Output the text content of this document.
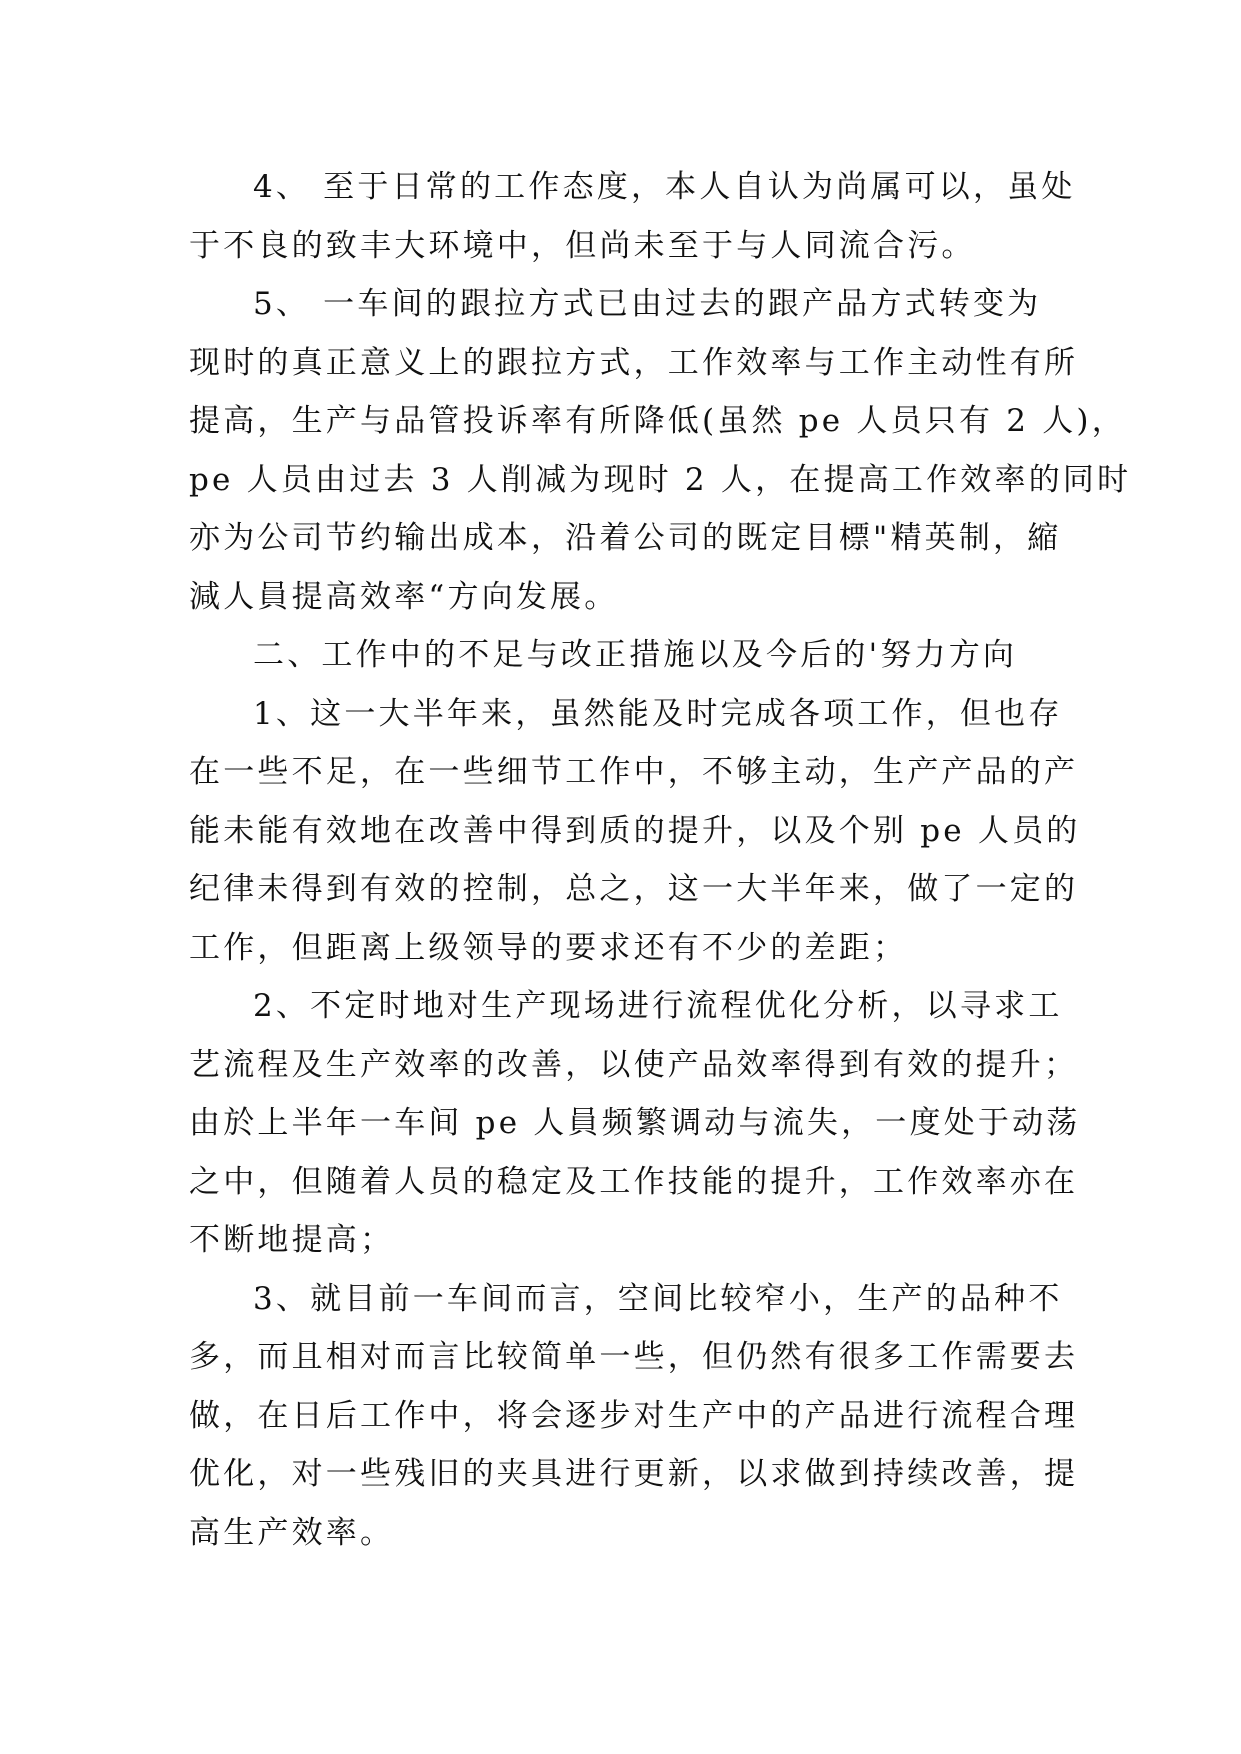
4、 至于日常的工作态度，本人自认为尚属可以，虽处
于不良的致丰大环境中，但尚未至于与人同流合污。
5、 一车间的跟拉方式已由过去的跟产品方式转变为
现时的真正意义上的跟拉方式，工作效率与工作主动性有所
提高，生产与品管投诉率有所降低(虽然 pe 人员只有 2 人)，
pe 人员由过去 3 人削减为现时 2 人，在提高工作效率的同时
亦为公司节约输出成本，沿着公司的既定目標"精英制，縮
減人員提高效率“方向发展。
二、工作中的不足与改正措施以及今后的'努力方向
1、这一大半年来，虽然能及时完成各项工作，但也存
在一些不足，在一些细节工作中，不够主动，生产产品的产
能未能有效地在改善中得到质的提升，以及个别 pe 人员的
纪律未得到有效的控制，总之，这一大半年来，做了一定的
工作，但距离上级领导的要求还有不少的差距；
2、不定时地对生产现场进行流程优化分析，以寻求工
艺流程及生产效率的改善，以使产品效率得到有效的提升；
由於上半年一车间 pe 人員频繁调动与流失，一度处于动荡
之中，但随着人员的稳定及工作技能的提升，工作效率亦在
不断地提高；
3、就目前一车间而言，空间比较窄小，生产的品种不
多，而且相对而言比较简单一些，但仍然有很多工作需要去
做，在日后工作中，将会逐步对生产中的产品进行流程合理
优化，对一些残旧的夹具进行更新，以求做到持续改善，提
高生产效率。
